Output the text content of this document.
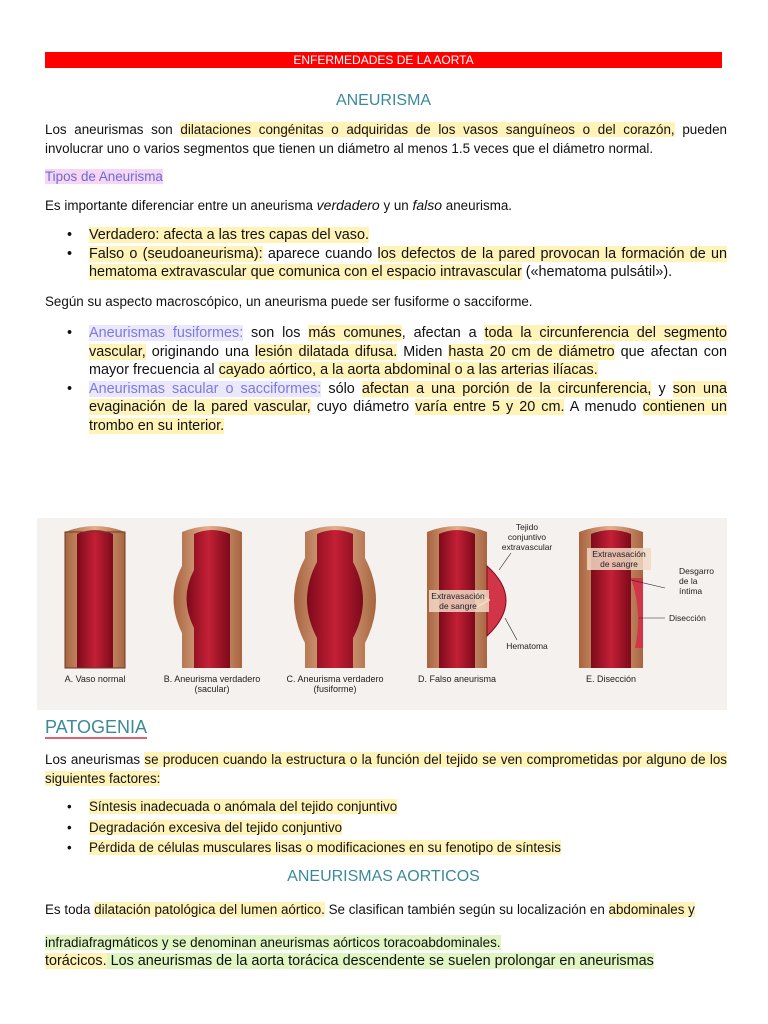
ENFERMEDADES DE LA AORTA
ANEURISMA
Los aneurismas son dilataciones congénitas o adquiridas de los vasos sanguíneos o del corazón, pueden involucrar uno o varios segmentos que tienen un diámetro al menos 1.5 veces que el diámetro normal.
Tipos de Aneurisma
Es importante diferenciar entre un aneurisma verdadero y un falso aneurisma.
• Verdadero: afecta a las tres capas del vaso.
• Falso o (seudoaneurisma): aparece cuando los defectos de la pared provocan la formación de un hematoma extravascular que comunica con el espacio intravascular («hematoma pulsátil»).
Según su aspecto macroscópico, un aneurisma puede ser fusiforme o sacciforme.
• Aneurismas fusiformes: son los más comunes, afectan a toda la circunferencia del segmento vascular, originando una lesión dilatada difusa. Miden hasta 20 cm de diámetro que afectan con mayor frecuencia al cayado aórtico, a la aorta abdominal o a las arterias ilíacas.
• Aneurismas sacular o sacciformes: sólo afectan a una porción de la circunferencia, y son una evaginación de la pared vascular, cuyo diámetro varía entre 5 y 20 cm. A menudo contienen un trombo en su interior.
Tejido
conjuntivo
extravascular
Extravasación
de sangre
Hematoma
Extravasación
de sangre
Desgarro
de la
íntima
Disección
A. Vaso normal	B. Aneurisma verdadero
(sacular)
C. Aneurisma verdadero
(fusiforme)
D. Falso aneurisma	E. Disección
PATOGENIA
Los aneurismas se producen cuando la estructura o la función del tejido se ven comprometidas por alguno de los siguientes factores:
• Síntesis inadecuada o anómala del tejido conjuntivo
• Degradación excesiva del tejido conjuntivo
• Pérdida de células musculares lisas o modificaciones en su fenotipo de síntesis
ANEURISMAS AORTICOS
Es toda dilatación patológica del lumen aórtico. Se clasifican también según su localización en abdominales y
infradiafragmáticos y se denominan aneurismas aórticos toracoabdominales.
torácicos. Los aneurismas de la aorta torácica descendente se suelen prolongar en aneurismas
